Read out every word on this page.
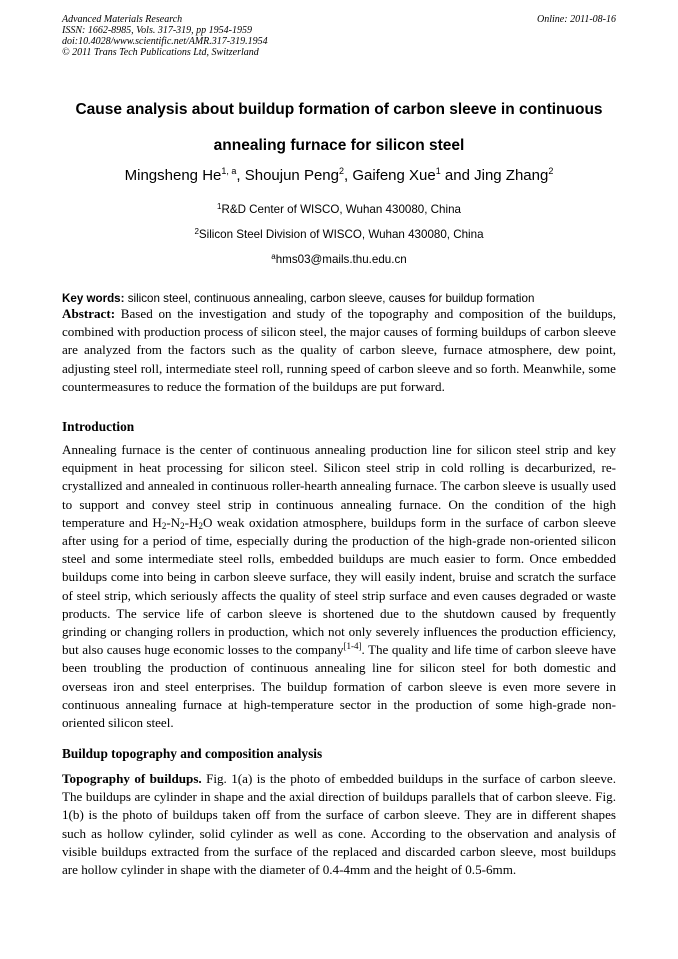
Advanced Materials Research
ISSN: 1662-8985, Vols. 317-319, pp 1954-1959
doi:10.4028/www.scientific.net/AMR.317-319.1954
© 2011 Trans Tech Publications Ltd, Switzerland
Online: 2011-08-16
Cause analysis about buildup formation of carbon sleeve in continuous
annealing furnace for silicon steel
Mingsheng He$^{1, a}$, Shoujun Peng$^2$, Gaifeng Xue$^1$ and Jing Zhang$^2$
$^1$R&D Center of WISCO, Wuhan 430080, China
$^2$Silicon Steel Division of WISCO, Wuhan 430080, China
$^a$hms03@mails.thu.edu.cn
Key words: silicon steel, continuous annealing, carbon sleeve, causes for buildup formation
Abstract: Based on the investigation and study of the topography and composition of the buildups, combined with production process of silicon steel, the major causes of forming buildups of carbon sleeve are analyzed from the factors such as the quality of carbon sleeve, furnace atmosphere, dew point, adjusting steel roll, intermediate steel roll, running speed of carbon sleeve and so forth. Meanwhile, some countermeasures to reduce the formation of the buildups are put forward.
Introduction
Annealing furnace is the center of continuous annealing production line for silicon steel strip and key equipment in heat processing for silicon steel. Silicon steel strip in cold rolling is decarburized, re-crystallized and annealed in continuous roller-hearth annealing furnace. The carbon sleeve is usually used to support and convey steel strip in continuous annealing furnace. On the condition of the high temperature and $H_2-N_2-H_2O$ weak oxidation atmosphere, buildups form in the surface of carbon sleeve after using for a period of time, especially during the production of the high-grade non-oriented silicon steel and some intermediate steel rolls, embedded buildups are much easier to form. Once embedded buildups come into being in carbon sleeve surface, they will easily indent, bruise and scratch the surface of steel strip, which seriously affects the quality of steel strip surface and even causes degraded or waste products. The service life of carbon sleeve is shortened due to the shutdown caused by frequently grinding or changing rollers in production, which not only severely influences the production efficiency, but also causes huge economic losses to the company[1-4]. The quality and life time of carbon sleeve have been troubling the production of continuous annealing line for silicon steel for both domestic and overseas iron and steel enterprises. The buildup formation of carbon sleeve is even more severe in continuous annealing furnace at high-temperature sector in the production of some high-grade non-oriented silicon steel.
Buildup topography and composition analysis
Topography of buildups. Fig. 1(a) is the photo of embedded buildups in the surface of carbon sleeve. The buildups are cylinder in shape and the axial direction of buildups parallels that of carbon sleeve. Fig. 1(b) is the photo of buildups taken off from the surface of carbon sleeve. They are in different shapes such as hollow cylinder, solid cylinder as well as cone. According to the observation and analysis of visible buildups extracted from the surface of the replaced and discarded carbon sleeve, most buildups are hollow cylinder in shape with the diameter of 0.4-4mm and the height of 0.5-6mm.
